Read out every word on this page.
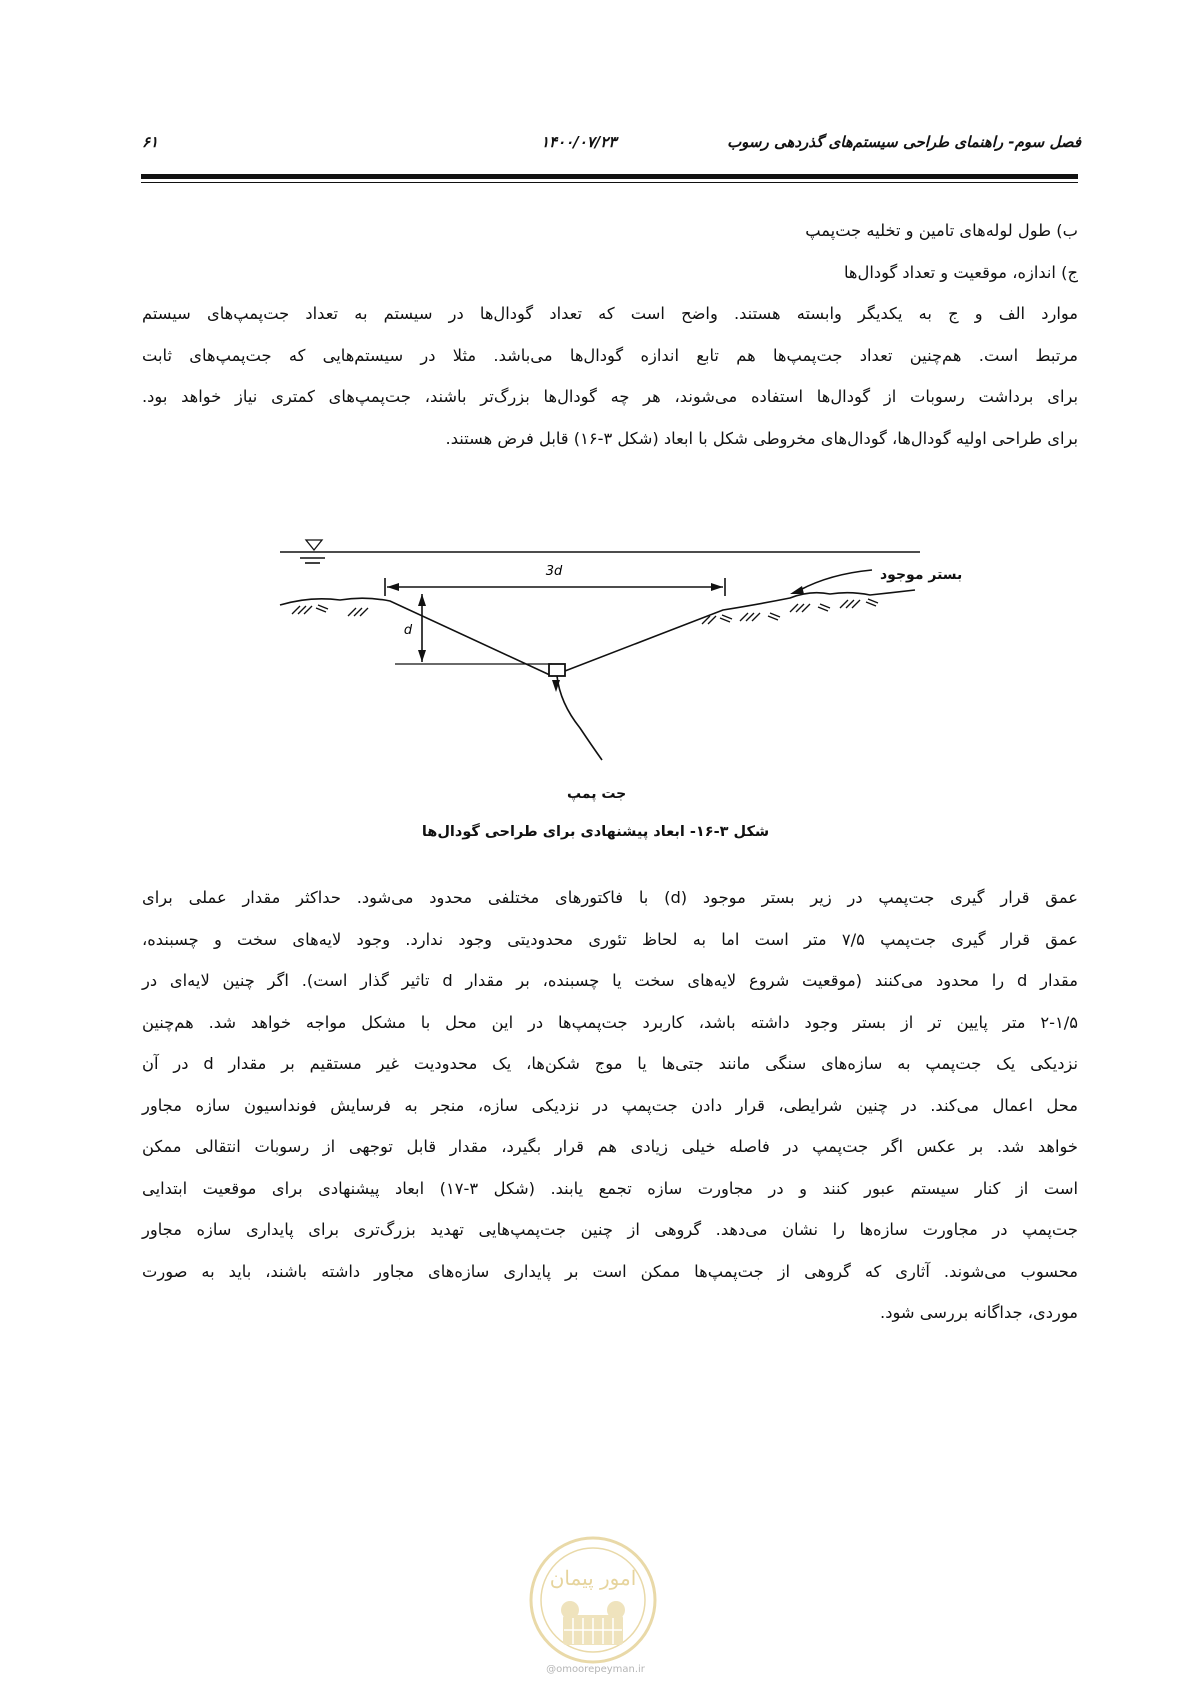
فصل سوم- راهنمای طراحی سیستم‌های گذردهی رسوب
۱۴۰۰/۰۷/۲۳
۶۱
ب) طول لوله‌های تامین و تخلیه جت‌پمپ
ج) اندازه، موقعیت و تعداد گودال‌ها
موارد الف و ج به یکدیگر وابسته هستند. واضح است که تعداد گودال‌ها در سیستم به تعداد جت‌پمپ‌های سیستم
مرتبط است. هم‌چنین تعداد جت‌پمپ‌ها هم تابع اندازه گودال‌ها می‌باشد. مثلا در سیستم‌هایی که جت‌پمپ‌های ثابت
برای برداشت رسوبات از گودال‌ها استفاده می‌شوند، هر چه گودال‌ها بزرگ‌تر باشند، جت‌پمپ‌های کمتری نیاز خواهد بود.
برای طراحی اولیه گودال‌ها، گودال‌های مخروطی شکل با ابعاد (شکل ۳-۱۶) قابل فرض هستند.
3d
d
بستر موجود
جت پمپ
شکل ۳-۱۶- ابعاد پیشنهادی برای طراحی گودال‌ها
عمق قرار گیری جت‌پمپ در زیر بستر موجود (d) با فاکتورهای مختلفی محدود می‌شود. حداکثر مقدار عملی برای
عمق قرار گیری جت‌پمپ ۷/۵ متر است اما به لحاظ تئوری محدودیتی وجود ندارد. وجود لایه‌های سخت و چسبنده،
مقدار d را محدود می‌کنند (موقعیت شروع لایه‌های سخت یا چسبنده، بر مقدار d تاثیر گذار است). اگر چنین لایه‌ای در
۲-۱/۵ متر پایین تر از بستر وجود داشته باشد، کاربرد جت‌پمپ‌ها در این محل با مشکل مواجه خواهد شد. هم‌چنین
نزدیکی یک جت‌پمپ به سازه‌های سنگی مانند جتی‌ها یا موج شکن‌ها، یک محدودیت غیر مستقیم بر مقدار d در آن
محل اعمال می‌کند. در چنین شرایطی، قرار دادن جت‌پمپ در نزدیکی سازه، منجر به فرسایش فونداسیون سازه مجاور
خواهد شد. بر عکس اگر جت‌پمپ در فاصله خیلی زیادی هم قرار بگیرد، مقدار قابل توجهی از رسوبات انتقالی ممکن
است از کنار سیستم عبور کنند و در مجاورت سازه تجمع یابند. (شکل ۳-۱۷) ابعاد پیشنهادی برای موقعیت ابتدایی
جت‌پمپ در مجاورت سازه‌ها را نشان می‌دهد. گروهی از چنین جت‌پمپ‌هایی تهدید بزرگ‌تری برای پایداری سازه مجاور
محسوب می‌شوند. آثاری که گروهی از جت‌پمپ‌ها ممکن است بر پایداری سازه‌های مجاور داشته باشند، باید به صورت
موردی، جداگانه بررسی شود.
امور پیمان
@omoorepeyman.ir
